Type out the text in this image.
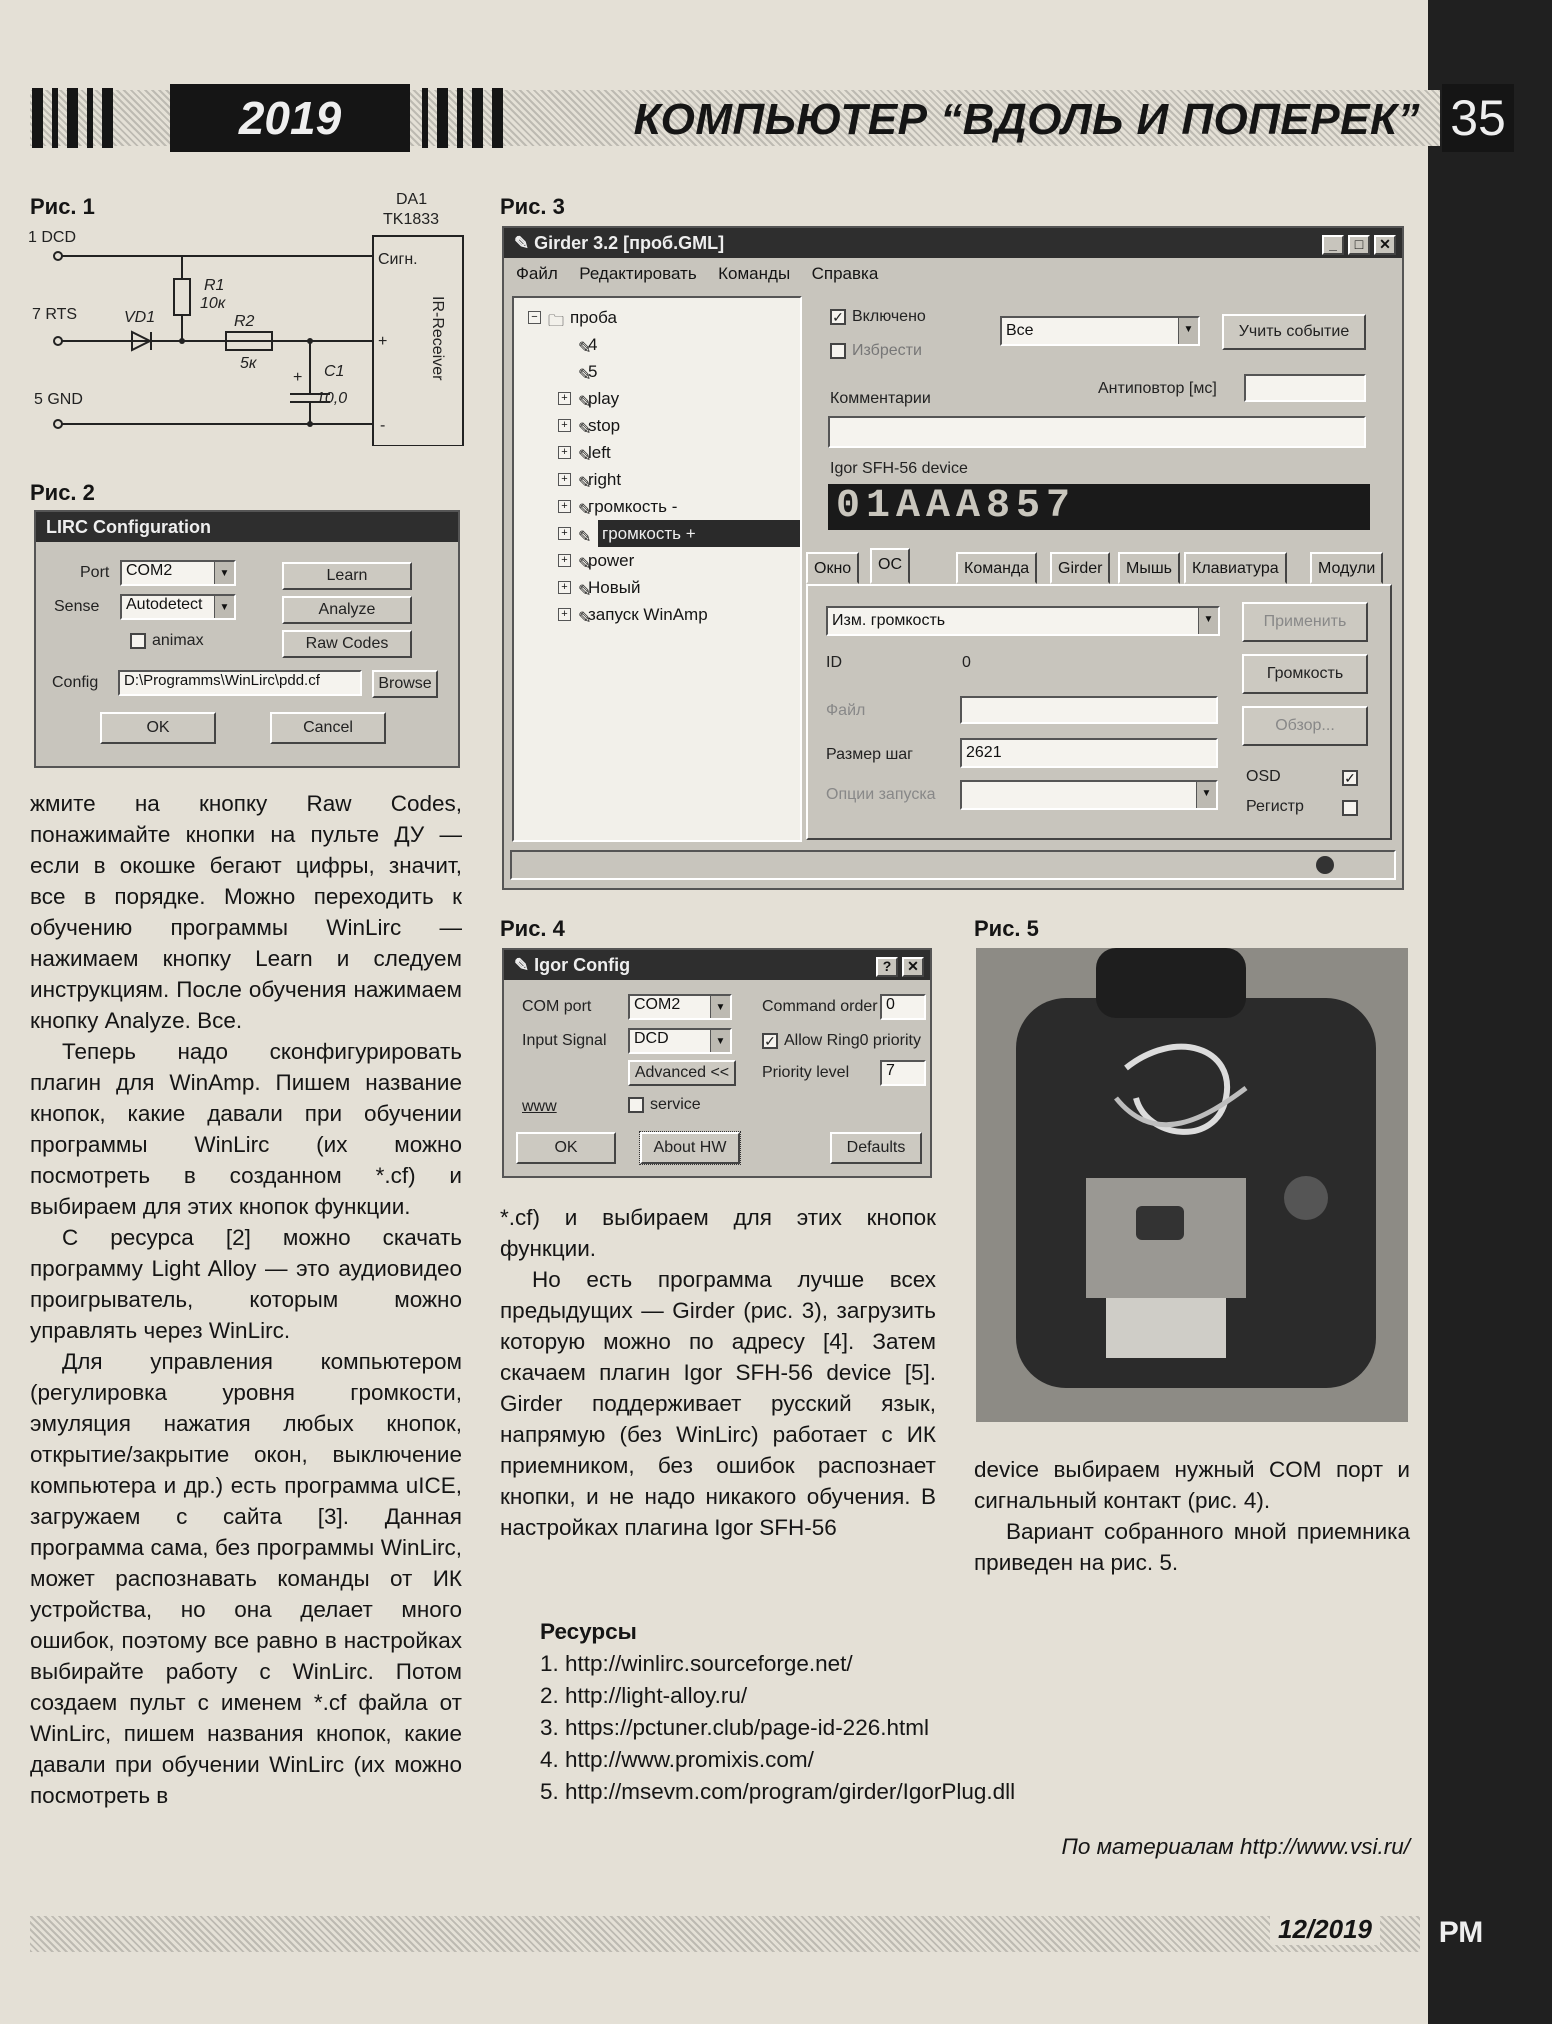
2019	КОМПЬЮТЕР “ВДОЛЬ И ПОПЕРЕК” 35
Рис. 1	DA1
TK1833
1 DCD
7 RTS
5 GND
R1
10к
R2
5к
VD1
C1
10,0
+
Сигн.
+
-
IR-Receiver
Рис. 2
LIRC Configuration
Port	COM2	▼
Sense	Autodetect	▼
animax
Config	D:\Programms\WinLirc\pdd.cf
Learn
Analyze
Raw Codes
Browse
OK	Cancel

жмите на кнопку Raw Codes, понажимайте кнопки на пульте ДУ — если в окошке бегают цифры, значит, все в порядке. Можно переходить к обучению программы WinLirc — нажимаем кнопку Learn и следуем инструкциям. После обучения нажимаем кнопку Analyze. Все.

Теперь надо сконфигурировать плагин для WinAmp. Пишем название кнопок, какие давали при обучении программы WinLirc (их можно посмотреть в созданном *.cf) и выбираем для этих кнопок функции.

С ресурса [2] можно скачать программу Light Alloy — это аудиовидео проигрыватель, которым можно управлять через WinLirc.

Для управления компьютером (регулировка уровня громкости, эмуляция нажатия любых кнопок, открытие/закрытие окон, выключение компьютера и др.) есть программа uICE, загружаем с сайта [3]. Данная программа сама, без программы WinLirc, может распознавать команды от ИК устройства, но она делает много ошибок, поэтому все равно в настройках выбирайте работу с WinLirc. Потом создаем пульт с именем *.cf файла от WinLirc, пишем названия кнопок, какие давали при обучении WinLirc (их можно посмотреть в

Рис. 3
✎ Girder 3.2 [проб.GML]	_	□	✕
Файл Редактировать Команды Справка
− 🗀 проба
✎
4
✎
5
+ ✎
play
+ ✎
stop
+ ✎
left
+ ✎
right
+ ✎
громкость -
+ ✎ громкость +
+ ✎
power
+ ✎
Новый
+ ✎
запуск WinAmp
✓ Включено
Избрести
Все	▼	Учить событие
Антиповтор [мс]
Комментарии
Igor SFH-56 device
01AAA857
Окно	ОС	Команда	Girder	Мышь	Клавиатура	Модули
Изм. громкость	▼	Применить
ID	0
Громкость
Файл
Обзор...
Размер шаг	2621
OSD	✓
Опции запуска	▼
Регистр
Рис. 4
✎ Igor Config	?	✕
COM port	COM2	▼
Input Signal	DCD	▼
Advanced <<
www	service
Command order 0
✓ Allow Ring0 priority
Priority level	7
OK	About HW	Defaults
Рис. 5

*.cf) и выбираем для этих кнопок функции.

Но есть программа лучше всех предыдущих — Girder (рис. 3), загрузить которую можно по адресу [4]. Затем скачаем плагин Igor SFH-56 device [5]. Girder поддерживает русский язык, напрямую (без WinLirc) работает с ИК приемником, без ошибок распознает кнопки, и не надо никакого обучения. В настройках плагина Igor SFH-56

device выбираем нужный COM порт и сигнальный контакт (рис. 4).

Вариант собранного мной приемника приведен на рис. 5.

Ресурсы
1. http://winlirc.sourceforge.net/
2. http://light-alloy.ru/
3. https://pctuner.club/page-id-226.html
4. http://www.promixis.com/
5. http://msevm.com/program/girder/IgorPlug.dll
По материалам http://www.vsi.ru/
12/2019	РМ
